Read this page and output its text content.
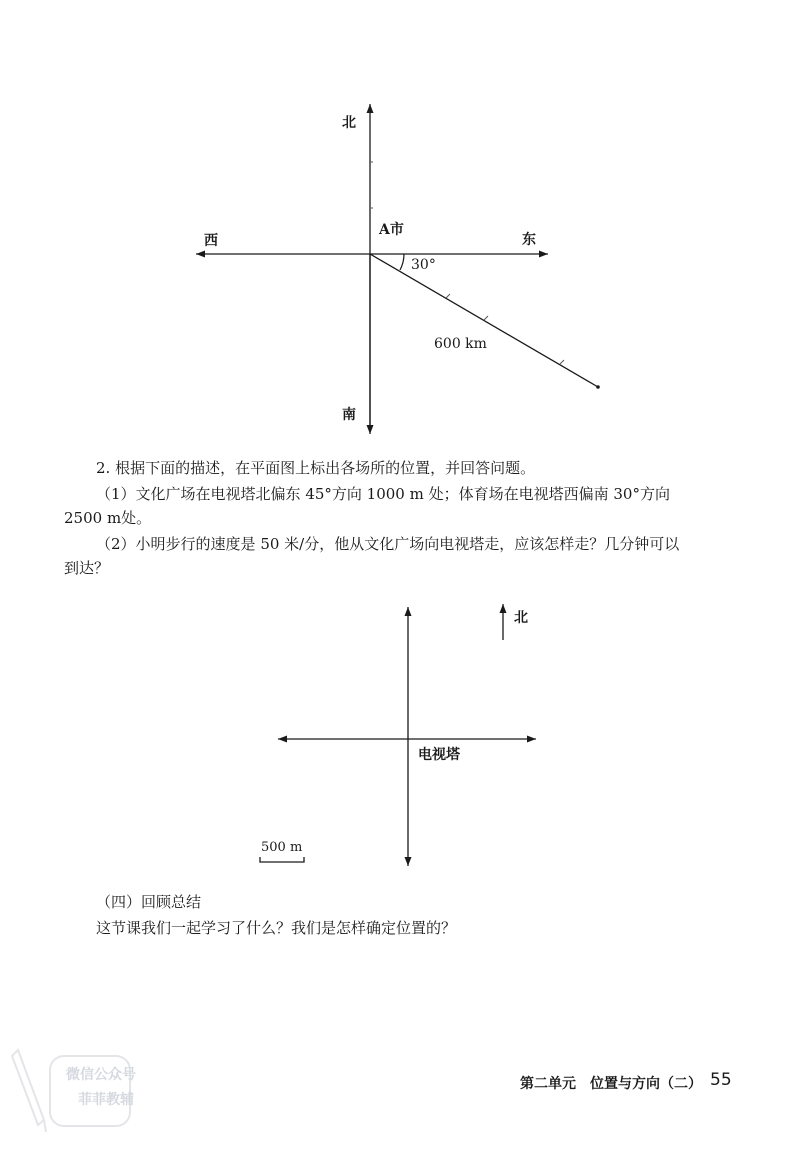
北
南
西	东
A市
30°
600 km
2. 根据下面的描述，在平面图上标出各场所的位置，并回答问题。
（1）文化广场在电视塔北偏东 45°方向 1000 m 处；体育场在电视塔西偏南 30°方向
2500 m处。
（2）小明步行的速度是 50 米/分，他从文化广场向电视塔走，应该怎样走？几分钟可以
到达？
北
电视塔
500 m
（四）回顾总结
这节课我们一起学习了什么？我们是怎样确定位置的？
微信公众号
菲菲教辅
第二单元　位置与方向（二） 55
